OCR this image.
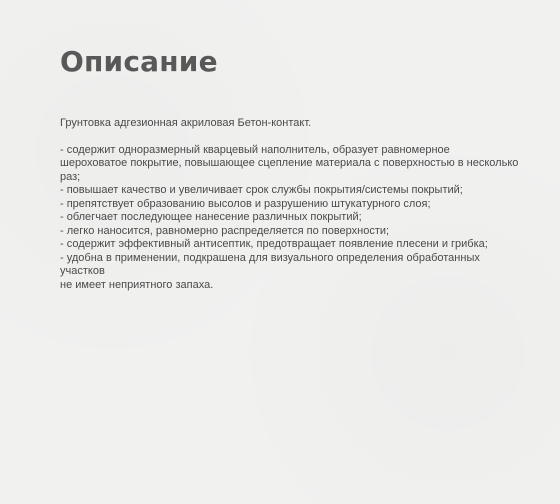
Описание

Грунтовка адгезионная акриловая Бетон-контакт.

- содержит одноразмерный кварцевый наполнитель, образует равномерное шероховатое покрытие, повышающее сцепление материала с поверхностью в несколько раз;
- повышает качество и увеличивает срок службы покрытия/системы покрытий;
- препятствует образованию высолов и разрушению штукатурного слоя;
- облегчает последующее нанесение различных покрытий;
- легко наносится, равномерно распределяется по поверхности;
- содержит эффективный антисептик, предотвращает появление плесени и грибка;
- удобна в применении, подкрашена для визуального определения обработанных участков

не имеет неприятного запаха.
